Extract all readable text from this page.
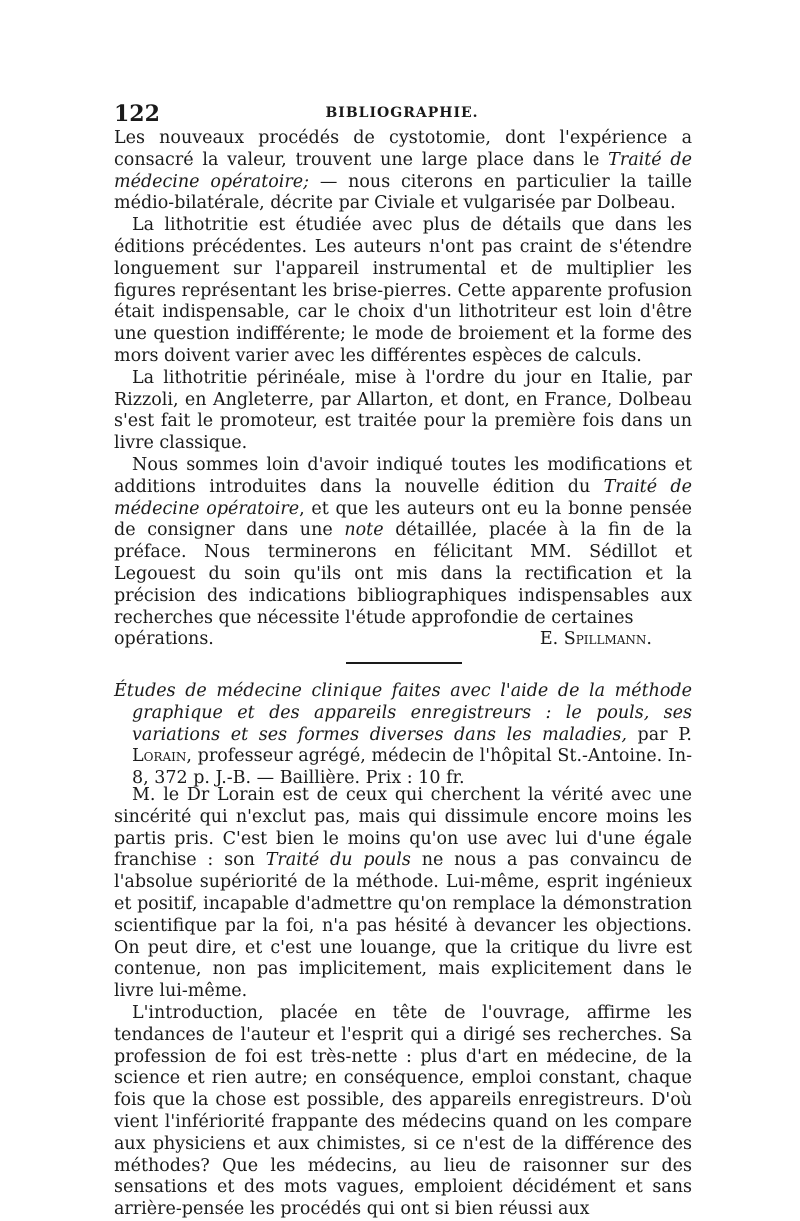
122	BIBLIOGRAPHIE.

Les nouveaux procédés de cystotomie, dont l'expérience a consacré la valeur, trouvent une large place dans le Traité de médecine opératoire; — nous citerons en particulier la taille médio-bilatérale, décrite par Civiale et vulgarisée par Dolbeau.

La lithotritie est étudiée avec plus de détails que dans les éditions précédentes. Les auteurs n'ont pas craint de s'étendre longuement sur l'appareil instrumental et de multiplier les figures représentant les brise-pierres. Cette apparente profusion était indispensable, car le choix d'un lithotriteur est loin d'être une question indifférente; le mode de broiement et la forme des mors doivent varier avec les différentes espèces de calculs.

La lithotritie périnéale, mise à l'ordre du jour en Italie, par Rizzoli, en Angleterre, par Allarton, et dont, en France, Dolbeau s'est fait le promoteur, est traitée pour la première fois dans un livre classique.

Nous sommes loin d'avoir indiqué toutes les modifications et additions introduites dans la nouvelle édition du Traité de médecine opératoire, et que les auteurs ont eu la bonne pensée de consigner dans une note détaillée, placée à la fin de la préface. Nous terminerons en félicitant MM. Sédillot et Legouest du soin qu'ils ont mis dans la rectification et la précision des indications bibliographiques indispensables aux recherches que nécessite l'étude approfondie de certaines

opérations.	E. Spillmann.

Études de médecine clinique faites avec l'aide de la méthode graphique et des appareils enregistreurs : le pouls, ses variations et ses formes diverses dans les maladies, par P. Lorain, professeur agrégé, médecin de l'hôpital St.-Antoine. In-8, 372 p. J.-B. — Baillière. Prix : 10 fr.

M. le Dr Lorain est de ceux qui cherchent la vérité avec une sincérité qui n'exclut pas, mais qui dissimule encore moins les partis pris. C'est bien le moins qu'on use avec lui d'une égale franchise : son Traité du pouls ne nous a pas convaincu de l'absolue supériorité de la méthode. Lui-même, esprit ingénieux et positif, incapable d'admettre qu'on remplace la démonstration scientifique par la foi, n'a pas hésité à devancer les objections. On peut dire, et c'est une louange, que la critique du livre est contenue, non pas implicitement, mais explicitement dans le livre lui-même.

L'introduction, placée en tête de l'ouvrage, affirme les tendances de l'auteur et l'esprit qui a dirigé ses recherches. Sa profession de foi est très-nette : plus d'art en médecine, de la science et rien autre; en conséquence, emploi constant, chaque fois que la chose est possible, des appareils enregistreurs. D'où vient l'infériorité frappante des médecins quand on les compare aux physiciens et aux chimistes, si ce n'est de la différence des méthodes? Que les médecins, au lieu de raisonner sur des sensations et des mots vagues, emploient décidément et sans arrière-pensée les procédés qui ont si bien réussi aux
